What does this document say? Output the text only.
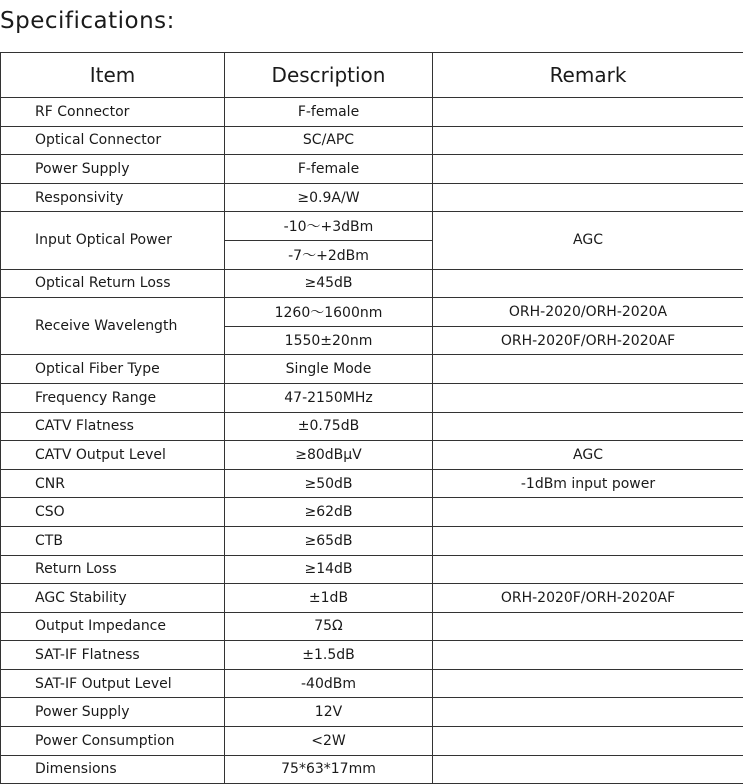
Specifications:
Item	Description	Remark
RF Connector	F-female	
Optical Connector	SC/APC	
Power Supply	F-female	
Responsivity	≥0.9A/W	
Input Optical Power	-10～+3dBm	AGC
	-7～+2dBm	
Optical Return Loss	≥45dB	
Receive Wavelength	1260～1600nm	ORH-2020/ORH-2020A
	1550±20nm	ORH-2020F/ORH-2020AF
Optical Fiber Type	Single Mode	
Frequency Range	47-2150MHz	
CATV Flatness	±0.75dB	
CATV Output Level	≥80dBµV	AGC
CNR	≥50dB	-1dBm input power
CSO	≥62dB	
CTB	≥65dB	
Return Loss	≥14dB	
AGC Stability	±1dB	ORH-2020F/ORH-2020AF
Output Impedance	75Ω	
SAT-IF Flatness	±1.5dB	
SAT-IF Output Level	-40dBm	
Power Supply	12V	
Power Consumption	<2W	
Dimensions	75*63*17mm	
